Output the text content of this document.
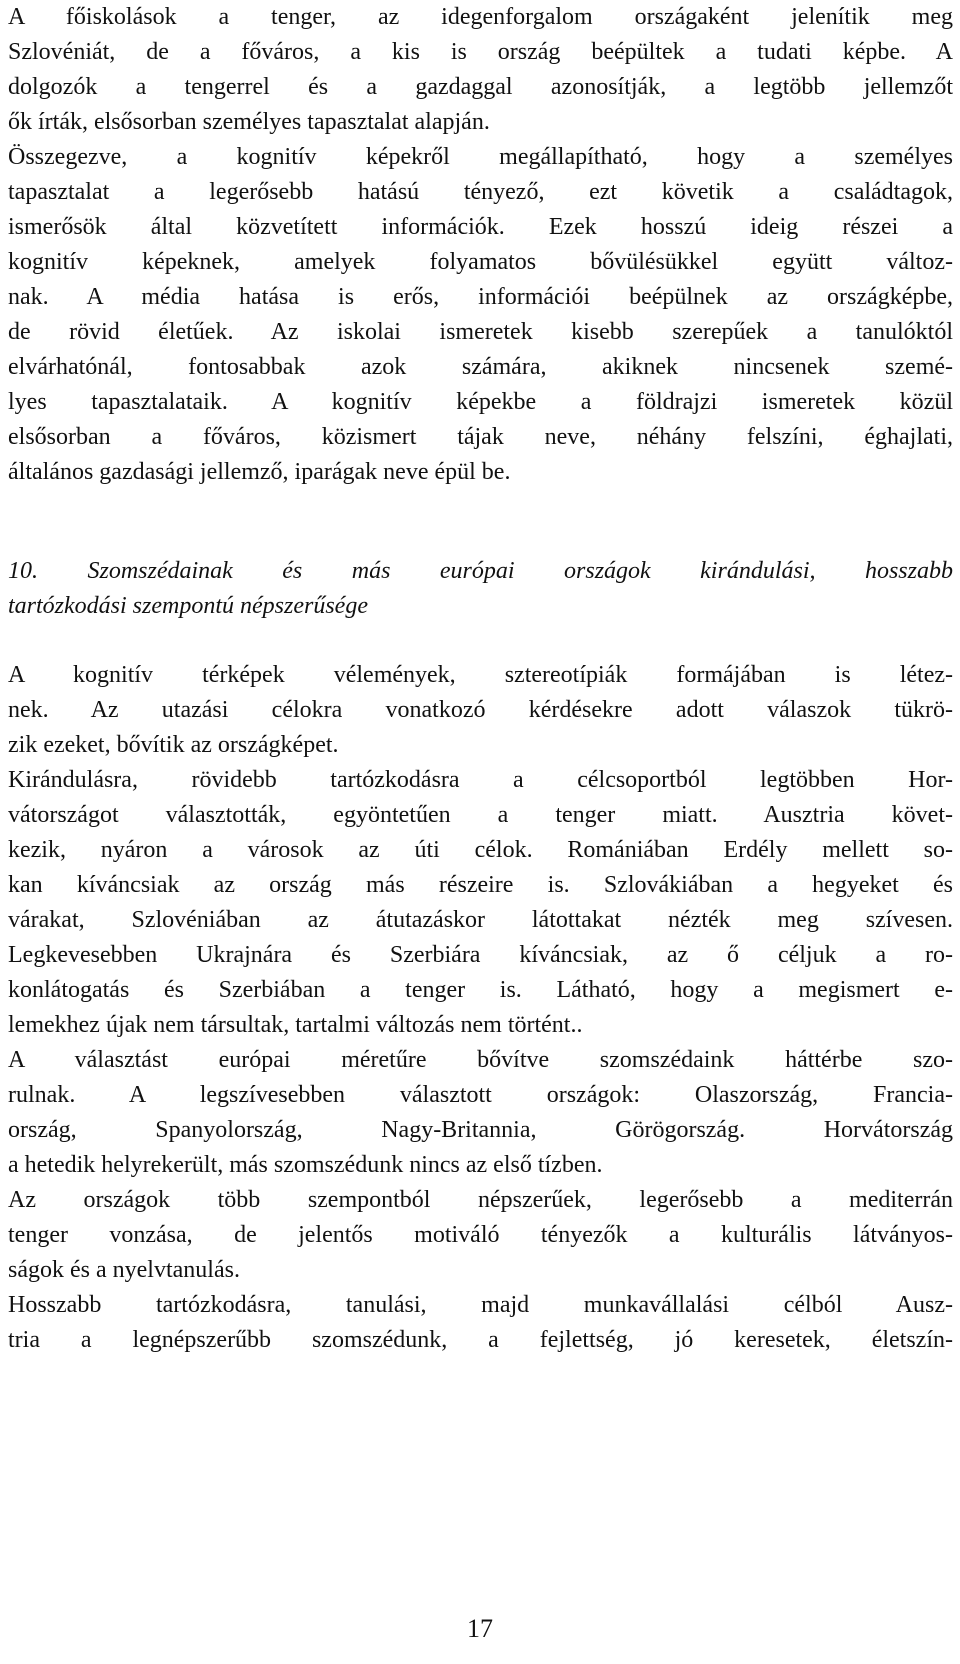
A főiskolások a tenger, az idegenforgalom országaként jelenítik meg
Szlovéniát, de a főváros, a kis is ország beépültek a tudati képbe. A
dolgozók a tengerrel és a gazdaggal azonosítják, a legtöbb jellemzőt
ők írták, elsősorban személyes tapasztalat alapján.
Összegezve, a kognitív képekről megállapítható, hogy a személyes
tapasztalat a legerősebb hatású tényező, ezt követik a családtagok,
ismerősök által közvetített információk. Ezek hosszú ideig részei a
kognitív képeknek, amelyek folyamatos bővülésükkel együtt változ-
nak. A média hatása is erős, információi beépülnek az országképbe,
de rövid életűek. Az iskolai ismeretek kisebb szerepűek a tanulóktól
elvárhatónál, fontosabbak azok számára, akiknek nincsenek szemé-
lyes tapasztalataik. A kognitív képekbe a földrajzi ismeretek közül
elsősorban a főváros, közismert tájak neve, néhány felszíni, éghajlati,
általános gazdasági jellemző, iparágak neve épül be.
10. Szomszédainak és más európai országok kirándulási, hosszabb
tartózkodási szempontú népszerűsége
A kognitív térképek vélemények, sztereotípiák formájában is létez-
nek. Az utazási célokra vonatkozó kérdésekre adott válaszok tükrö-
zik ezeket, bővítik az országképet.
Kirándulásra, rövidebb tartózkodásra a célcsoportból legtöbben Hor-
vátországot választották, egyöntetűen a tenger miatt. Ausztria követ-
kezik, nyáron a városok az úti célok. Romániában Erdély mellett so-
kan kíváncsiak az ország más részeire is. Szlovákiában a hegyeket és
várakat, Szlovéniában az átutazáskor látottakat nézték meg szívesen.
Legkevesebben Ukrajnára és Szerbiára kíváncsiak, az ő céljuk a ro-
konlátogatás és Szerbiában a tenger is. Látható, hogy a megismert e-
lemekhez újak nem társultak, tartalmi változás nem történt..
A választást európai méretűre bővítve szomszédaink háttérbe szo-
rulnak. A legszívesebben választott országok: Olaszország, Francia-
ország, Spanyolország, Nagy-Britannia, Görögország. Horvátország
a hetedik helyrekerült, más szomszédunk nincs az első tízben.
Az országok több szempontból népszerűek, legerősebb a mediterrán
tenger vonzása, de jelentős motiváló tényezők a kulturális látványos-
ságok és a nyelvtanulás.
Hosszabb tartózkodásra, tanulási, majd munkavállalási célból Ausz-
tria a legnépszerűbb szomszédunk, a fejlettség, jó keresetek, életszín-
17
